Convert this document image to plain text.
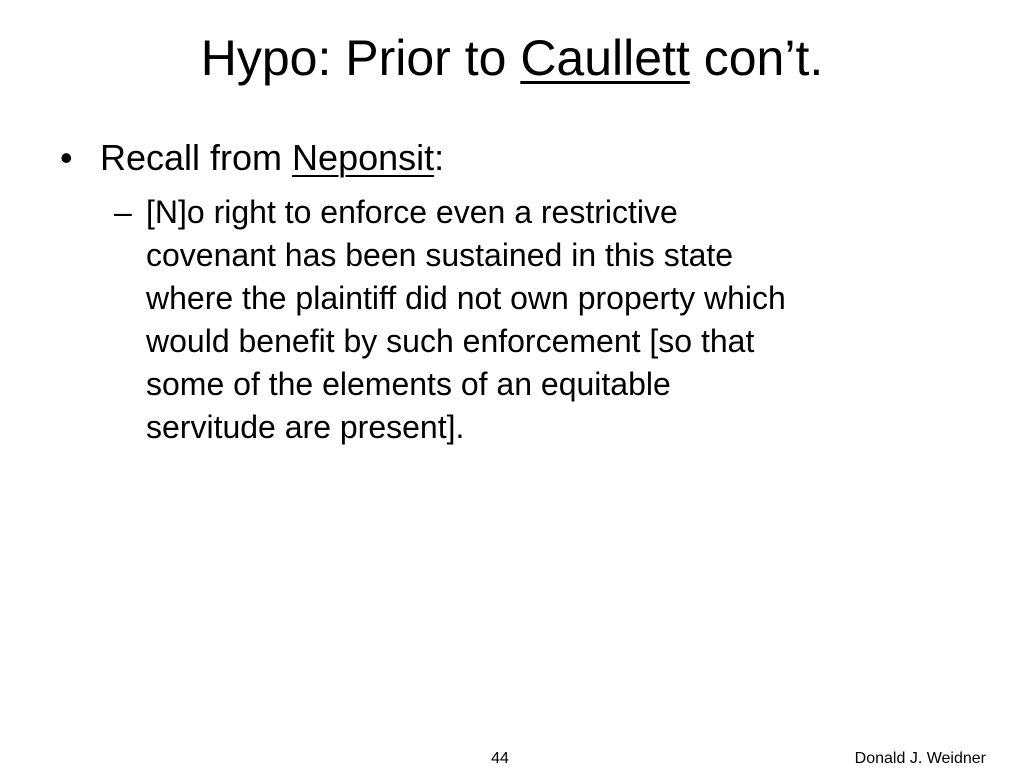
Hypo: Prior to Caullett con’t.
• Recall from Neponsit:
– [N]o right to enforce even a restrictive
covenant has been sustained in this state
where the plaintiff did not own property which
would benefit by such enforcement [so that
some of the elements of an equitable
servitude are present].
44	Donald J. Weidner
